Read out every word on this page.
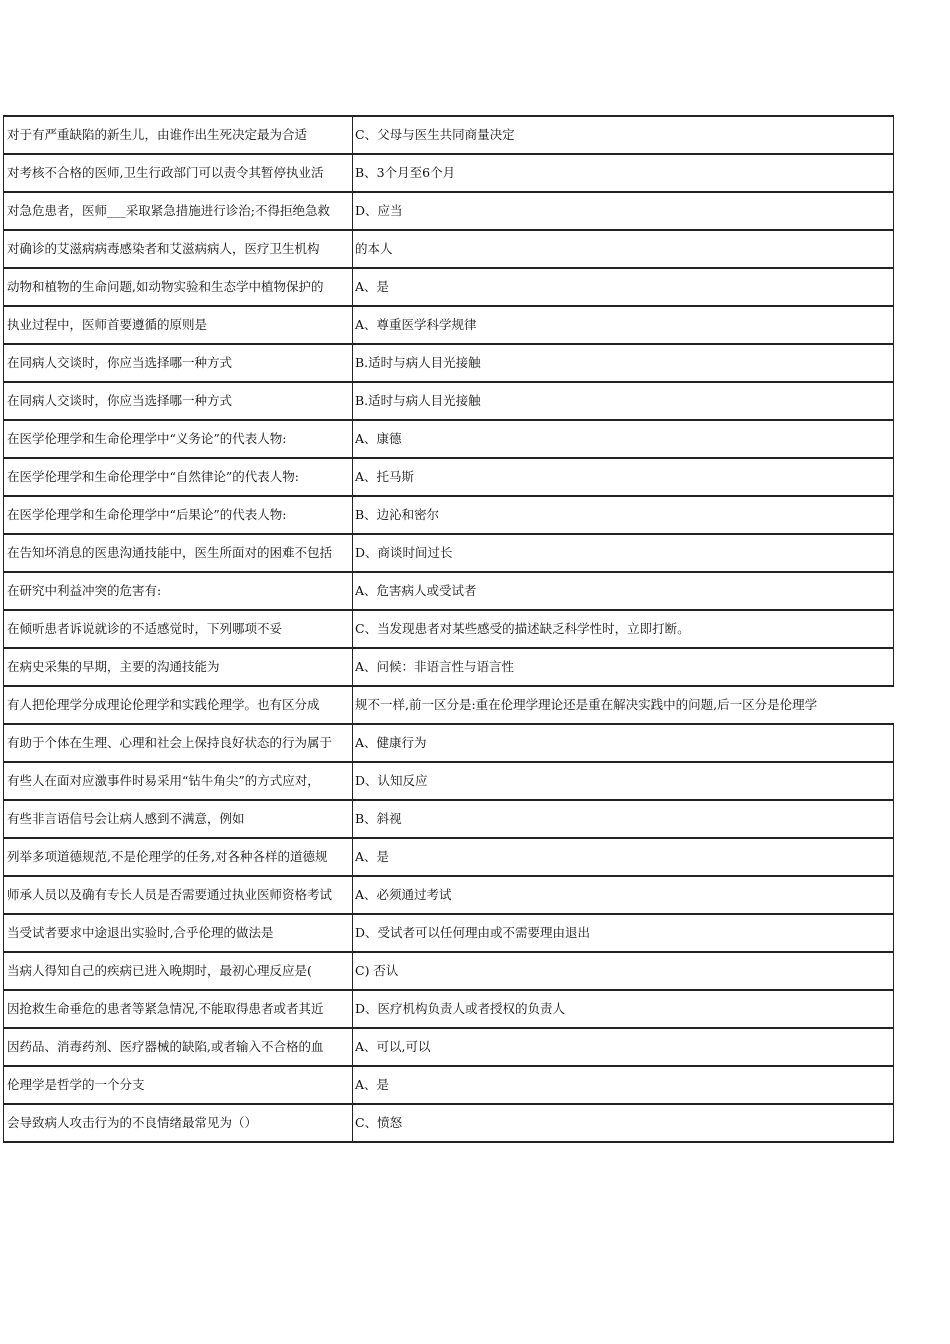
对于有严重缺陷的新生儿，由谁作出生死决定最为合适	C、父母与医生共同商量决定
对考核不合格的医师,卫生行政部门可以责令其暂停执业活	B、3个月至6个月
对急危患者，医师___采取紧急措施进行诊治;不得拒绝急救	D、应当
对确诊的艾滋病病毒感染者和艾滋病病人，医疗卫生机构	的本人
动物和植物的生命问题,如动物实验和生态学中植物保护的	A、是
执业过程中，医师首要遵循的原则是	A、尊重医学科学规律
在同病人交谈时，你应当选择哪一种方式	B.适时与病人目光接触
在同病人交谈时，你应当选择哪一种方式	B.适时与病人目光接触
在医学伦理学和生命伦理学中“义务论”的代表人物:	A、康德
在医学伦理学和生命伦理学中“自然律论”的代表人物:	A、托马斯
在医学伦理学和生命伦理学中“后果论”的代表人物:	B、边沁和密尔
在告知坏消息的医患沟通技能中，医生所面对的困难不包括	D、商谈时间过长
在研究中利益冲突的危害有:	A、危害病人或受试者
在倾听患者诉说就诊的不适感觉时，下列哪项不妥	C、当发现患者对某些感受的描述缺乏科学性时，立即打断。
在病史采集的早期，主要的沟通技能为	A、问候：非语言性与语言性
有人把伦理学分成理论伦理学和实践伦理学。也有区分成	规不一样,前一区分是:重在伦理学理论还是重在解决实践中的问题,后一区分是伦理学
有助于个体在生理、心理和社会上保持良好状态的行为属于	A、健康行为
有些人在面对应激事件时易采用“钻牛角尖”的方式应对，	D、认知反应
有些非言语信号会让病人感到不满意，例如	B、斜视
列举多项道德规范,不是伦理学的任务,对各种各样的道德规	A、是
师承人员以及确有专长人员是否需要通过执业医师资格考试	A、必须通过考试
当受试者要求中途退出实验时,合乎伦理的做法是	D、受试者可以任何理由或不需要理由退出
当病人得知自己的疾病已进入晚期时，最初心理反应是(	C) 否认
因抢救生命垂危的患者等紧急情况,不能取得患者或者其近	D、医疗机构负责人或者授权的负责人
因药品、消毒药剂、医疗器械的缺陷,或者输入不合格的血	A、可以,可以
伦理学是哲学的一个分支	A、是
会导致病人攻击行为的不良情绪最常见为（）	C、愤怒
